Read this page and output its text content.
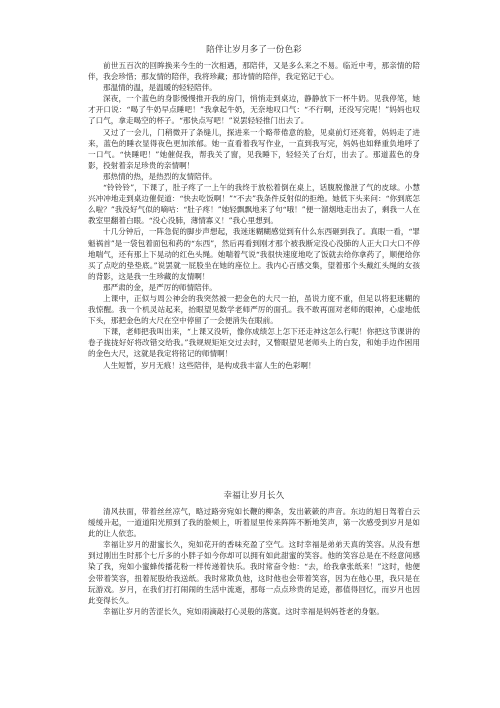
陪伴让岁月多了一份色彩

前世五百次的回眸换来今生的一次相遇，那陪伴，又是多么来之不易。临近中考，那亲情的陪伴，我会珍惜；那友情的陪伴，我将珍藏；那诗情的陪伴，我定铭记于心。

那温情的温，是温暖的轻轻陪伴。

深夜，一个蓝色的身影慢慢推开我的房门，悄悄走到桌边，静静放下一杯牛奶。见我停笔，她才开口说：“喝了牛奶早点睡吧！”我拿起牛奶，无奈地叹口气：“不行啊，还没写完呢！”妈妈也叹了口气，拿走喝空的杯子。“那快点写吧！”说罢轻轻推门出去了。

又过了一会儿，门稍微开了条缝儿，探进来一个略带倦意的脸，见桌前灯还亮着，妈妈走了进来，蓝色的睡衣显得夜色更加浓郁。她一直看着我写作业，一直到我写完，妈妈也如释重负地呼了一口气。“快睡吧！”她催促我，帮我关了窗，见我睡下，轻轻关了台灯，出去了。那道蓝色的身影，投射着亲足珍贵的亲情啊！

那热情的热，是热烈的友情陪伴。

“铃铃铃”，下课了，肚子疼了一上午的我终于放松着倒在桌上，话腹脱像泄了气的皮球。小慧兴冲冲地走到桌边催促道：“快去吃饭啊！”“不去”我条件反射似的拒绝。她低下头来问：“你到底怎么啦？”我没好气似的嘀咕：“肚子疼！”她轻飘飘地来了句“哦！”便一溜烟地走出去了，剩我一人在教室里翻着白眼。“没心没肺，薄情寡义！”我心里想到。

十几分钟后，一阵急促的脚步声想起，我迷迷糊糊感觉到有什么东西砸到我了。真眼一看，“罪魁祸首”是一袋包着面包和药的“东西”，然后再看到刚才那个被我断定没心没肺的人正大口大口不停地喘气，还有那上下晃动的红色头绳。她喘着气说“我很快速度地吃了饭就去给你拿药了，顺便给你买了点吃的垫垫底。”说罢就一屁股坐在她的座位上。我内心百感交集，望着那个头戴红头绳的女孩的背影，这是我一生珍藏的友情啊！

那严肃的金，是严厉的师情陪伴。

上课中，正似与周公神会的我突然被一把金色的大尺一拍，虽说力度不重，但足以将犯迷糊的我惊醒。我一个机灵站起来，抬眼望见数学老师严厉的面孔。我不敢再面对老师的眼神，心虚地低下头，那把金色的大尺在空中停留了一会便消失在眼前。

下课，老师把我叫出来，“上课又没听，像你成绩怎上怎下还走神这怎么行呢！你把这节课讲的卷子拢拢好好将改错交给我。”我规规矩矩交过去时，又瞥眼望见老师头上的白发，和她手边作困用的金色大尺，这就是我定将铭记的师情啊！

人生短暂，岁月无痕！这些陪伴，是构成我丰富人生的色彩啊！

幸福让岁月长久

清风扶面，带着丝丝凉气，略过路旁宛如长鞭的柳条，发出簌簌的声音。东边的旭日驾着白云缓缓升起，一道道阳光照到了我的脸颊上，听着屋里传来阵阵不断地笑声，第一次感受到岁月是如此的让人依恋。

幸福让岁月的甜蜜长久，宛如花开的香味充盈了空气。这时幸福是弟弟天真的笑容。从没有想到过刚出生时那个七斤多的小胖子如今你却可以拥有如此甜蜜的笑容。他的笑容总是在不经意间感染了我，宛如小蜜蜂传播花粉一样传递着快乐。我时常奋令他：“去，给我拿张纸来！”这时，他便会带着笑容，扭着屁股给我送纸。我时常欺负他，这时他也会带着笑容，因为在他心里，我只是在玩游戏。岁月，在我们打打闹闹的生活中流逝，那每一点点珍贵的足迹，都值得回忆，而岁月也因此变得长久。

幸福让岁月的苦涩长久，宛如雨滴敲打心灵般的落寞。这时幸福是妈妈苍老的身躯。
